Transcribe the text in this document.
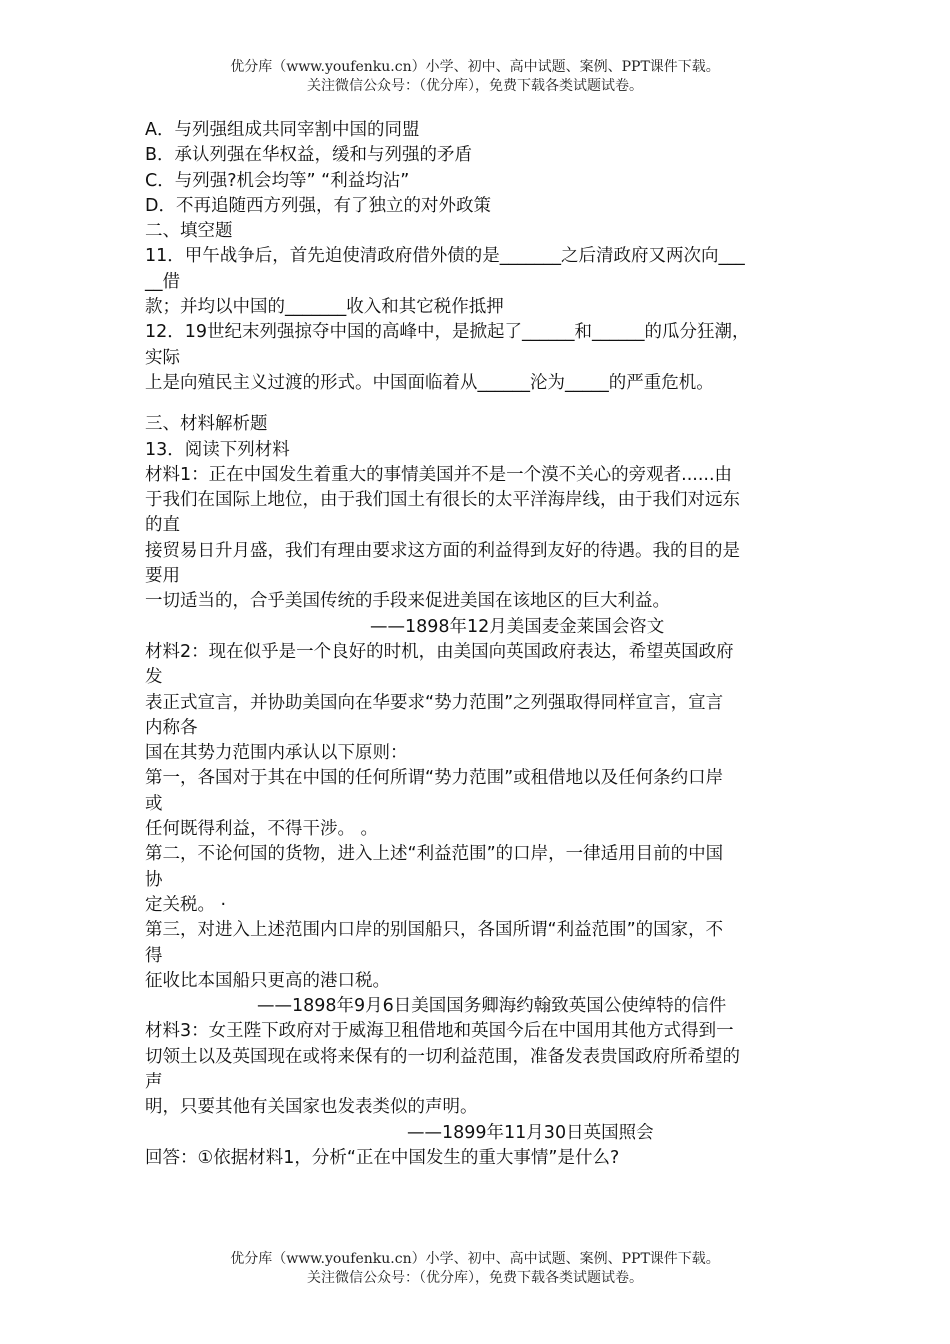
优分库（www.youfenku.cn）小学、初中、高中试题、案例、PPT课件下载。
关注微信公众号：（优分库），免费下载各类试题试卷。
A．与列强组成共同宰割中国的同盟
B．承认列强在华权益，缓和与列强的矛盾
C．与列强?机会均等” “利益均沾”
D．不再追随西方列强，有了独立的对外政策
二、填空题
11．甲午战争后，首先迫使清政府借外债的是_______之后清政府又两次向___
__借
款；并均以中国的_______收入和其它税作抵押
12．19世纪末列强掠夺中国的高峰中，是掀起了______和______的瓜分狂潮，
实际
上是向殖民主义过渡的形式。中国面临着从______沦为_____的严重危机。
三、材料解析题
13．阅读下列材料
材料1：正在中国发生着重大的事情美国并不是一个漠不关心的旁观者......由
于我们在国际上地位，由于我们国土有很长的太平洋海岸线，由于我们对远东
的直
接贸易日升月盛，我们有理由要求这方面的利益得到友好的待遇。我的目的是
要用
一切适当的，合乎美国传统的手段来促进美国在该地区的巨大利益。
——1898年12月美国麦金莱国会咨文
材料2：现在似乎是一个良好的时机，由美国向英国政府表达，希望英国政府
发
表正式宣言，并协助美国向在华要求“势力范围”之列强取得同样宣言，宣言
内称各
国在其势力范围内承认以下原则：
第一，各国对于其在中国的任何所谓“势力范围”或租借地以及任何条约口岸
或
任何既得利益，不得干涉。 。
第二，不论何国的货物，进入上述“利益范围”的口岸，一律适用目前的中国
协
定关税。 ·
第三，对进入上述范围内口岸的别国船只，各国所谓“利益范围”的国家，不
得
征收比本国船只更高的港口税。
——1898年9月6日美国国务卿海约翰致英国公使绰特的信件
材料3：女王陛下政府对于威海卫租借地和英国今后在中国用其他方式得到一
切领土以及英国现在或将来保有的一切利益范围，准备发表贵国政府所希望的
声
明，只要其他有关国家也发表类似的声明。
——1899年11月30日英国照会
回答：①依据材料1，分析“正在中国发生的重大事情”是什么?
优分库（www.youfenku.cn）小学、初中、高中试题、案例、PPT课件下载。
关注微信公众号：（优分库），免费下载各类试题试卷。
